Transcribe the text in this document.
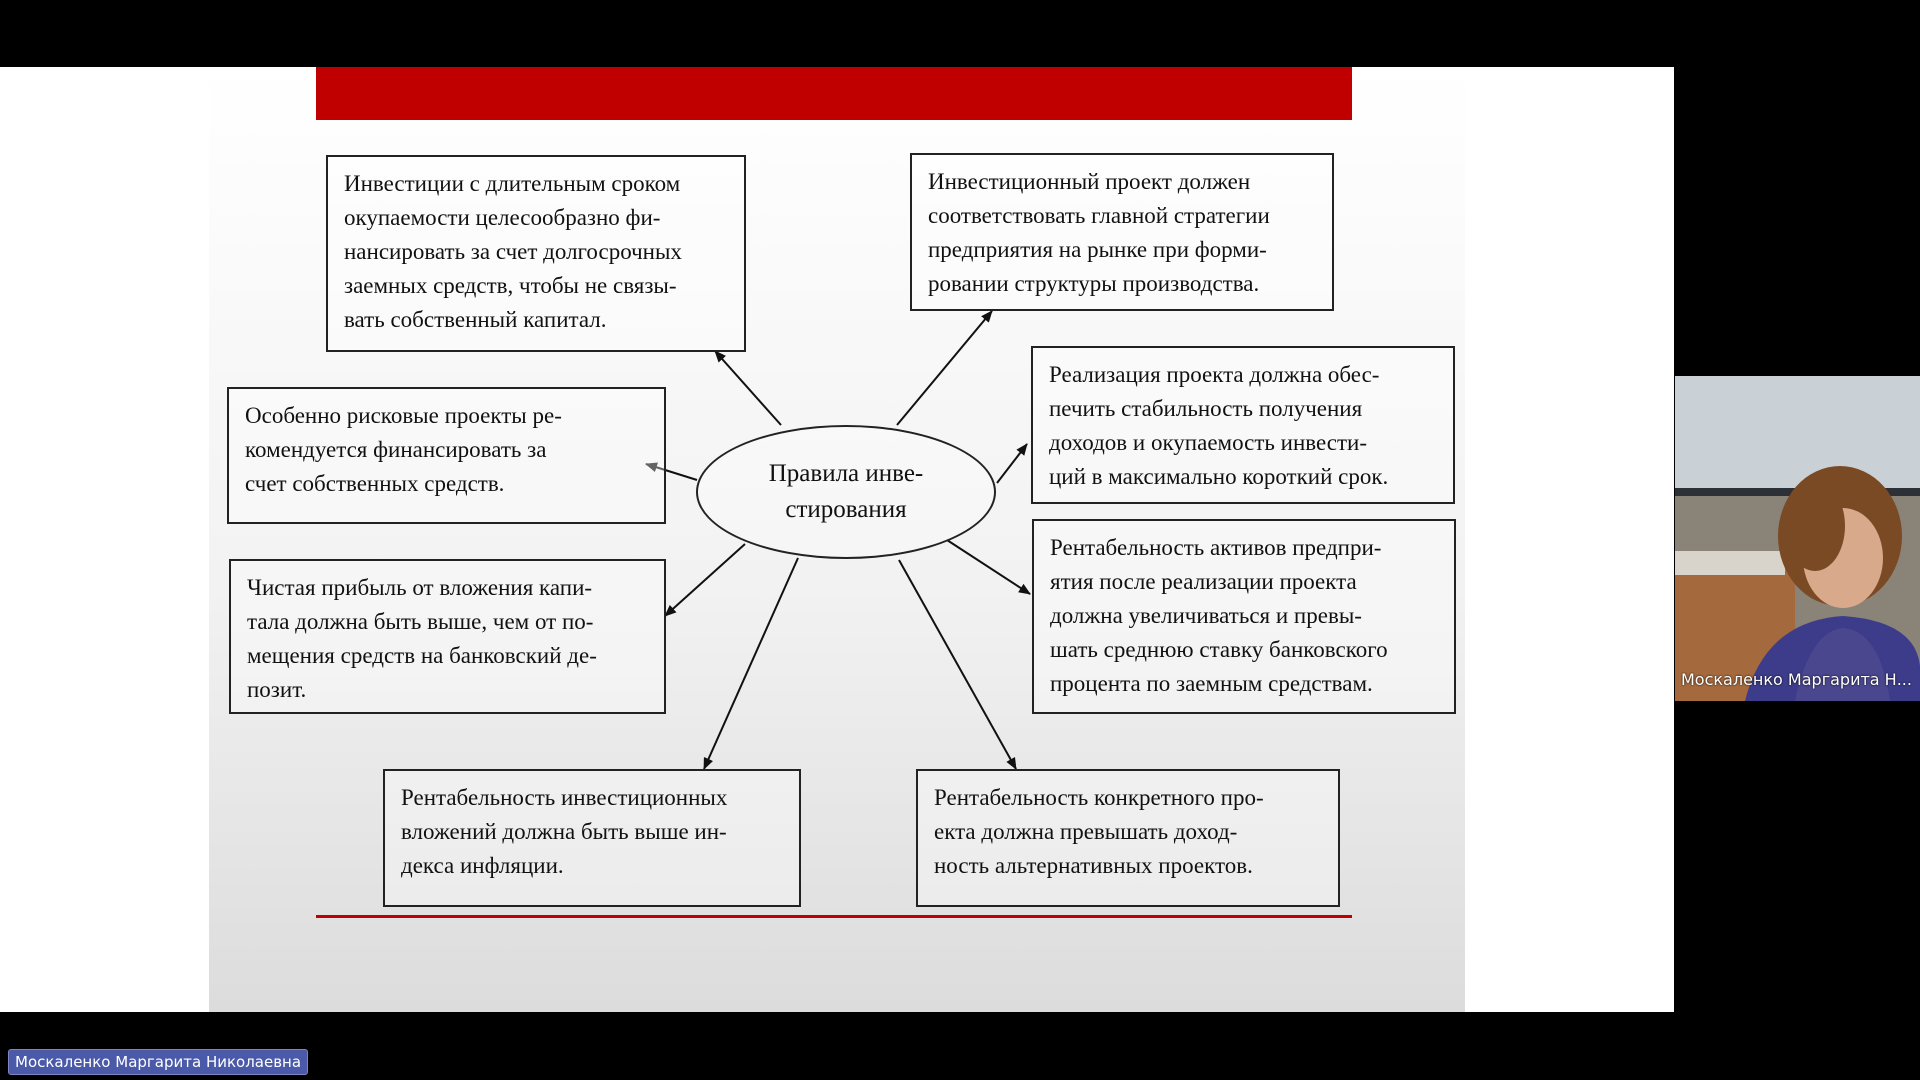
Правила инве-
стирования
Инвестиции с длительным сроком
окупаемости целесообразно фи-
нансировать за счет долгосрочных
заемных средств, чтобы не связы-
вать собственный капитал.
Инвестиционный проект должен
соответствовать главной стратегии
предприятия на рынке при форми-
ровании структуры производства.
Особенно рисковые проекты ре-
комендуется финансировать за
счет собственных средств.
Реализация проекта должна обес-
печить стабильность получения
доходов и окупаемость инвести-
ций в максимально короткий срок.
Чистая прибыль от вложения капи-
тала должна быть выше, чем от по-
мещения средств на банковский де-
позит.
Рентабельность активов предпри-
ятия после реализации проекта
должна увеличиваться и превы-
шать среднюю ставку банковского
процента по заемным средствам.
Рентабельность инвестиционных
вложений должна быть выше ин-
декса инфляции.
Рентабельность конкретного про-
екта должна превышать доход-
ность альтернативных проектов.
Москаленко Маргарита Н...
Москаленко Маргарита Николаевна
